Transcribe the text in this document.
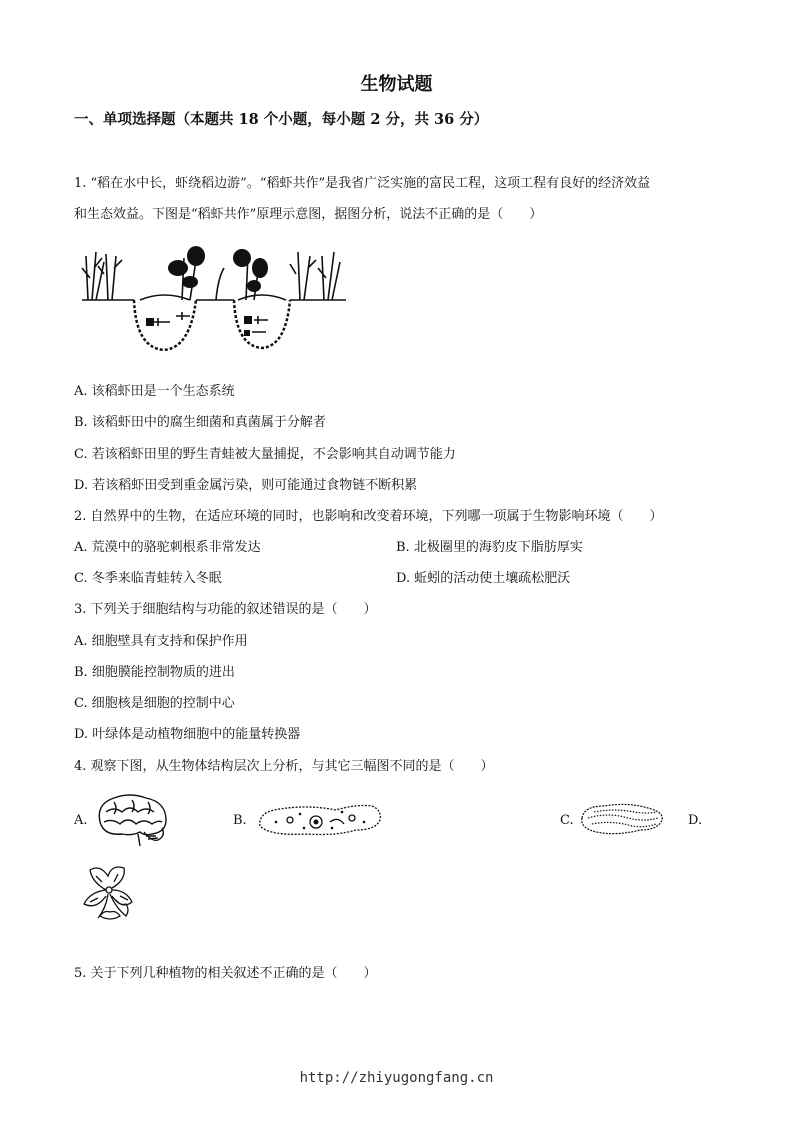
生物试题
一、单项选择题（本题共 18 个小题，每小题 2 分，共 36 分）
1. “稻在水中长，虾绕稻边游”。“稻虾共作”是我省广泛实施的富民工程，这项工程有良好的经济效益
和生态效益。下图是“稻虾共作”原理示意图，据图分析，说法不正确的是（　　）
A. 该稻虾田是一个生态系统
B. 该稻虾田中的腐生细菌和真菌属于分解者
C. 若该稻虾田里的野生青蛙被大量捕捉，不会影响其自动调节能力
D. 若该稻虾田受到重金属污染，则可能通过食物链不断积累
2. 自然界中的生物，在适应环境的同时，也影响和改变着环境，下列哪一项属于生物影响环境（　　）
A. 荒漠中的骆驼刺根系非常发达	B. 北极圈里的海豹皮下脂肪厚实
C. 冬季来临青蛙转入冬眠	D. 蚯蚓的活动使土壤疏松肥沃
3. 下列关于细胞结构与功能的叙述错误的是（　　）
A. 细胞壁具有支持和保护作用
B. 细胞膜能控制物质的进出
C. 细胞核是细胞的控制中心
D. 叶绿体是动植物细胞中的能量转换器
4. 观察下图，从生物体结构层次上分析，与其它三幅图不同的是（　　）
A.	B.	C.	D.
5. 关于下列几种植物的相关叙述不正确的是（　　）
http://zhiyugongfang.cn
